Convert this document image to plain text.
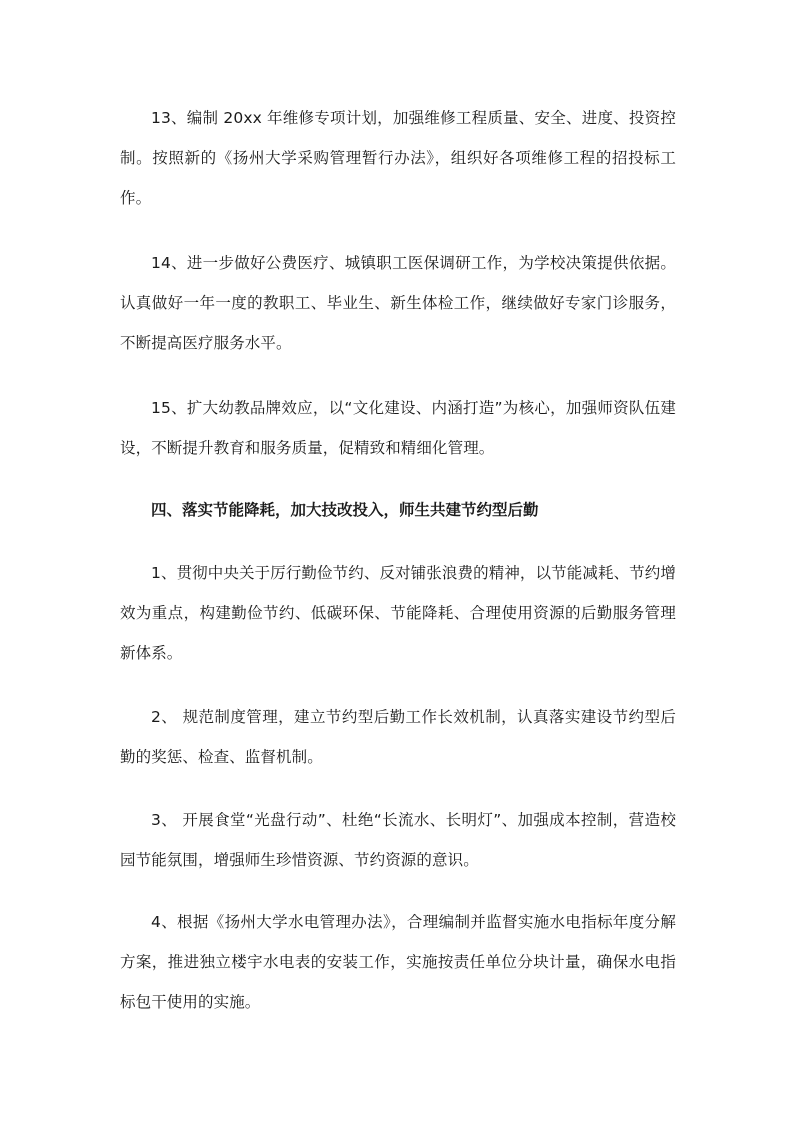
13、编制 20xx 年维修专项计划，加强维修工程质量、安全、进度、投资控制。按照新的《扬州大学采购管理暂行办法》，组织好各项维修工程的招投标工作。

14、进一步做好公费医疗、城镇职工医保调研工作，为学校决策提供依据。认真做好一年一度的教职工、毕业生、新生体检工作，继续做好专家门诊服务，不断提高医疗服务水平。

15、扩大幼教品牌效应，以“文化建设、内涵打造”为核心，加强师资队伍建设，不断提升教育和服务质量，促精致和精细化管理。

四、落实节能降耗，加大技改投入，师生共建节约型后勤

1、贯彻中央关于厉行勤俭节约、反对铺张浪费的精神，以节能减耗、节约增效为重点，构建勤俭节约、低碳环保、节能降耗、合理使用资源的后勤服务管理新体系。

2、 规范制度管理，建立节约型后勤工作长效机制，认真落实建设节约型后勤的奖惩、检查、监督机制。

3、 开展食堂“光盘行动”、杜绝“长流水、长明灯”、加强成本控制，营造校园节能氛围，增强师生珍惜资源、节约资源的意识。

4、根据《扬州大学水电管理办法》，合理编制并监督实施水电指标年度分解方案，推进独立楼宇水电表的安装工作，实施按责任单位分块计量，确保水电指标包干使用的实施。
